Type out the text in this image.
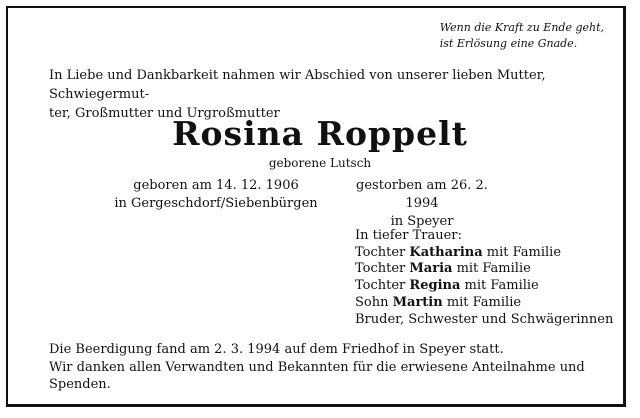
Wenn die Kraft zu Ende geht,
ist Erlösung eine Gnade.
In Liebe und Dankbarkeit nahmen wir Abschied von unserer lieben Mutter, Schwiegermut-
ter, Großmutter und Urgroßmutter
Rosina Roppelt
geborene Lutsch
geboren am 14. 12. 1906
in Gergeschdorf/Siebenbürgen
gestorben am 26. 2. 1994
in Speyer
In tiefer Trauer:
Tochter Katharina mit Familie
Tochter Maria mit Familie
Tochter Regina mit Familie
Sohn Martin mit Familie
Bruder, Schwester und Schwägerinnen
Die Beerdigung fand am 2. 3. 1994 auf dem Friedhof in Speyer statt.
Wir danken allen Verwandten und Bekannten für die erwiesene Anteilnahme und
Spenden.
